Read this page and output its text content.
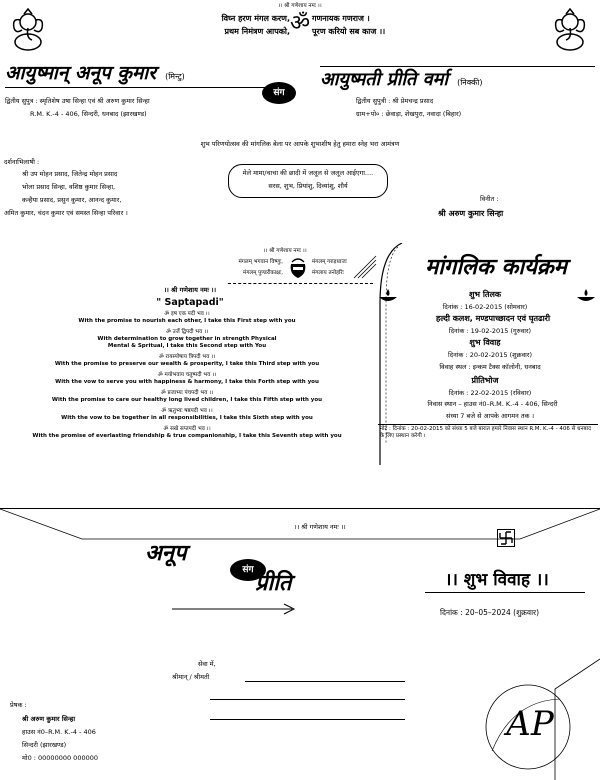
।। श्री गणेशाय नमः ।।
विघ्न हरण मंगल करण,	गणनायक गणराज ।
प्रथम निमंत्रण आपको,	पूरण करियो सब काज ।।
ॐ
आयुष्मान् अनूप कुमार (मिन्टु)
द्वितीय सुपुत्र : स्मृतिशेष उषा सिन्हा एवं श्री अरुण कुमार सिन्हा
R.M. K.-4 - 406, सिन्दरी, धनबाद (झारखण्ड)
संग
आयुष्मती प्रीति वर्मा (निक्की)
द्वितीय सुपुत्री : श्री प्रेमचन्द्र प्रसाद
ग्राम+पो० : छेवाड़ा, शेखपुरा, नवादा (बिहार)
शुभ परिणयोत्सव की मांगलिक बेला पर आपके शुभाशीष हेतु हमारा स्नेह भरा आमंत्रण
दर्शनाभिलाषी :
श्री उप मोहन प्रसाद, जितेन्द्र मोहन प्रसाद
भोला प्रसाद सिन्हा, वशिष्ठ कुमार सिन्हा,
कन्हैया प्रसाद, प्रसुन कुमार, आनन्द कुमार,
अमित कुमार, चंदन कुमार एवं समस्त सिन्हा परिवार ।
मेले मामा/चाचा की छादी में जलूल से जलूल आईएगा....
सरस, शुभ, प्रियांशु, दिव्यांशु, शौर्य
विनीत :
श्री अरुण कुमार सिन्हा
।। श्री गणेशाय नमः ।।
मंगलम् भगवान विष्णुः,
मंगलम् पुण्डरीकाक्षः,
मंगलम् गरुड़ध्वजः
मंगलाय तनोहरिः
।। श्री गणेशाय नमः ।।
" Saptapadi"
ॐ इष एक पदी भव ।।
With the promise to nourish each other, I take this First step with you
ॐ उर्जे द्विपदी भव ।।
With determination to grow together in strength Physical Mental & Spritual, I take this Second step with You
ॐ रायस्पोषाय त्रिपदी भव ।।
With the promise to preserve our wealth & prosperity, I take this Third step with you
ॐ मयोभवाय चतुष्पदी भव ।।
With the vow to serve you with happiness & harmony, I take this Forth step with you
ॐ प्रजाभ्यः पंचपदी भव ।।
With the promise to care our healthy long lived children, I take this Fifth step with you
ॐ ऋतुभ्यः षष्ठपदी भव ।।
With the vow to be together in all responsibilities, I take this Sixth step with you
ॐ सखे सप्तपदी भव ।।
With the promise of everlasting friendship & true companionship, I take this Seventh step with you
मांगलिक कार्यक्रम
शुभ तिलक
दिनांक : 16-02-2015 (सोमवार)
हल्दी कलश, मण्डपाच्छादन एवं घृतढारी
दिनांक : 19-02-2015 (गुरुवार)
शुभ विवाह
दिनांक : 20-02-2015 (शुक्रवार)
विवाह स्थल : इन्कम टैक्स कॉलोनी, धनबाद
प्रीतिभोज
दिनांक : 22-02-2015 (रविवार)
निवास स्थान – हाउस नं0–R.M. K.-4 - 406, सिन्दरी
संध्या 7 बजे से आपके आगमन तक ।
नोट : दिनांक : 20-02-2015 को संध्या 5 बजे बारात हमारे निवास स्थान R.M. K.-4 - 406 से धनबाद के लिए प्रस्थान करेगी ।
।। श्री गणेशाय नमः ।।
अनूप
संग प्रीति	।। शुभ विवाह ।।
दिनांक : 20–05–2024 (शुक्रवार)
सेवा में,
श्रीमान् / श्रीमती
प्रेषक :
श्री अरुण कुमार सिन्हा
हाउस नं0–R.M. K.-4 - 406
सिन्दरी (झारखण्ड)
मो0 : 00000000 000000
AP
